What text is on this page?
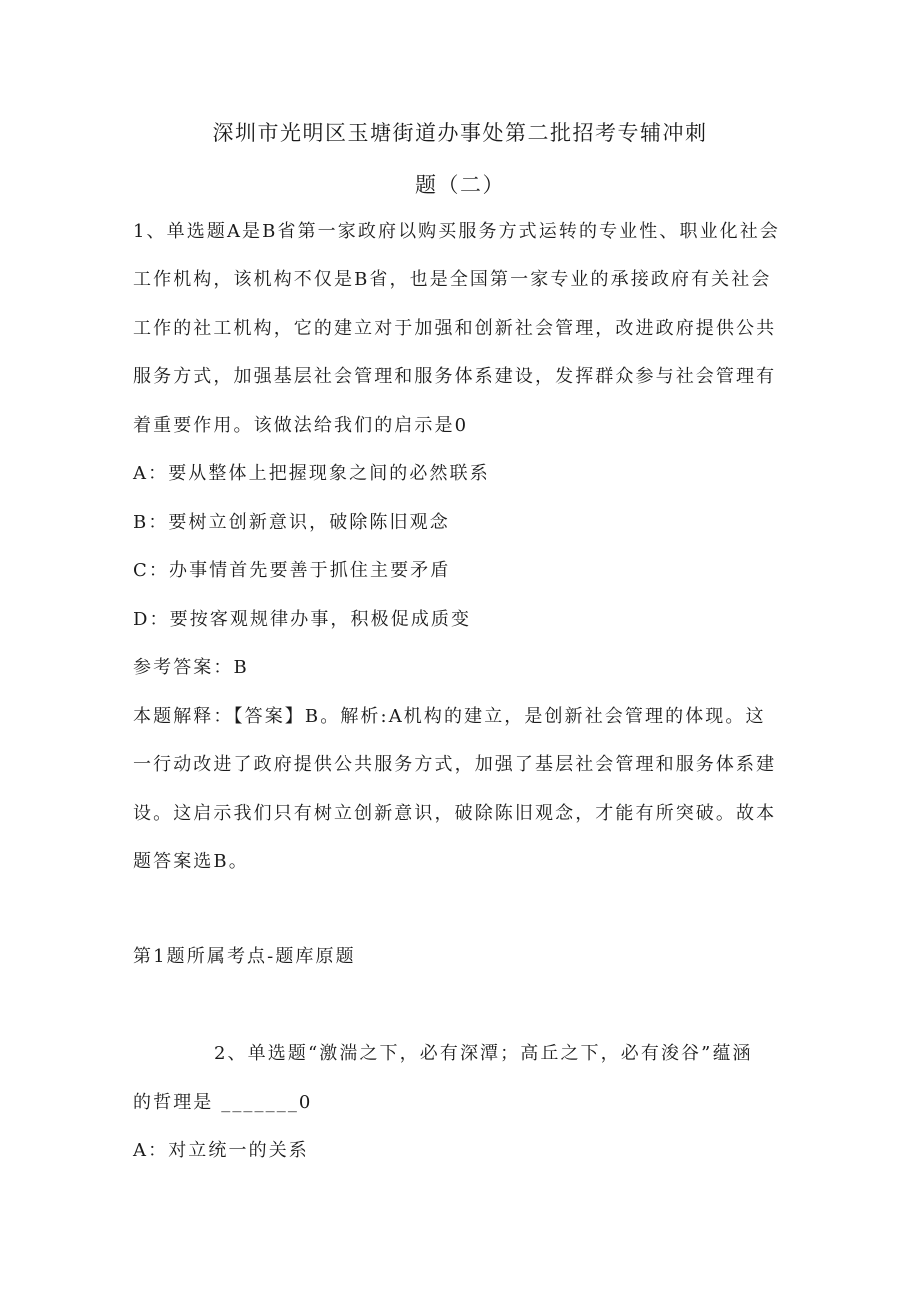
深圳市光明区玉塘街道办事处第二批招考专辅冲刺
题（二）
1、单选题A是B省第一家政府以购买服务方式运转的专业性、职业化社会
工作机构，该机构不仅是B省，也是全国第一家专业的承接政府有关社会
工作的社工机构，它的建立对于加强和创新社会管理，改进政府提供公共
服务方式，加强基层社会管理和服务体系建设，发挥群众参与社会管理有
着重要作用。该做法给我们的启示是0
A：要从整体上把握现象之间的必然联系
B：要树立创新意识，破除陈旧观念
C：办事情首先要善于抓住主要矛盾
D：要按客观规律办事，积极促成质变
参考答案：B
本题解释：【答案】B。解析:A机构的建立，是创新社会管理的体现。这
一行动改进了政府提供公共服务方式，加强了基层社会管理和服务体系建
设。这启示我们只有树立创新意识，破除陈旧观念，才能有所突破。故本
题答案选B。
第1题所属考点-题库原题
2、单选题“激湍之下，必有深潭；高丘之下，必有浚谷”蕴涵
的哲理是 _______0
A：对立统一的关系
